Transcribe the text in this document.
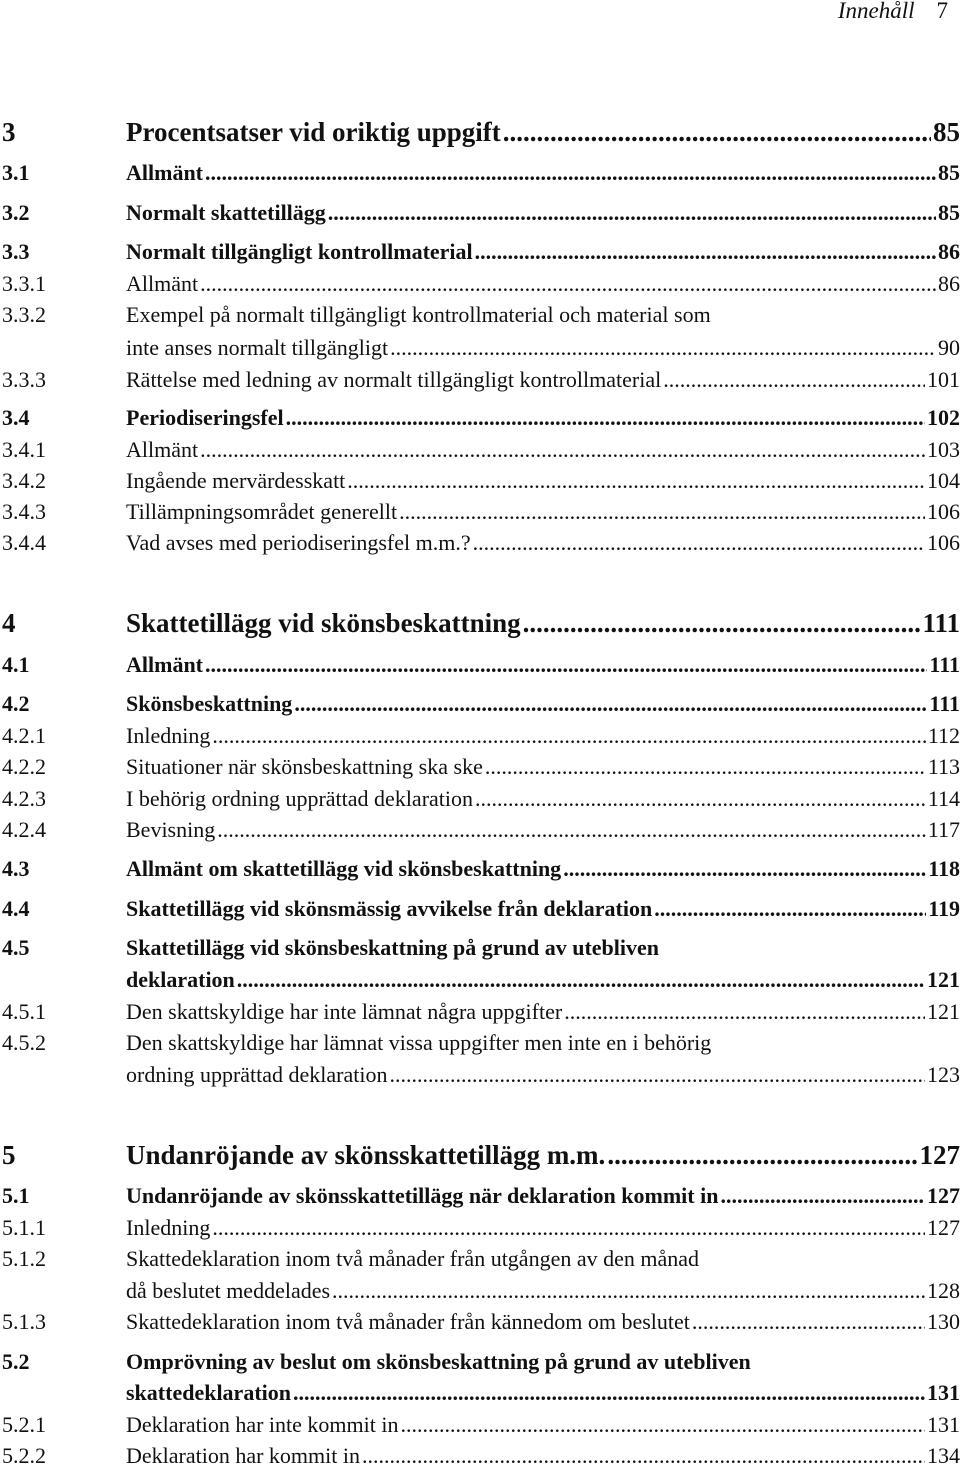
Innehåll 7
3	Procentsatser vid oriktig uppgift .....	85
3.1	Allmänt .....	85
3.2	Normalt skattetillägg .....	85
3.3	Normalt tillgängligt kontrollmaterial .....	86
3.3.1	Allmänt .....	86
3.3.2	Exempel på normalt tillgängligt kontrollmaterial och material som
inte anses normalt tillgängligt .....	90
3.3.3	Rättelse med ledning av normalt tillgängligt kontrollmaterial .....	101
3.4	Periodiseringsfel .....	102
3.4.1	Allmänt .....	103
3.4.2	Ingående mervärdesskatt .....	104
3.4.3	Tillämpningsområdet generellt .....	106
3.4.4	Vad avses med periodiseringsfel m.m.? .....	106
4	Skattetillägg vid skönsbeskattning .....	111
4.1	Allmänt .....	111
4.2	Skönsbeskattning .....	111
4.2.1	Inledning .....	112
4.2.2	Situationer när skönsbeskattning ska ske .....	113
4.2.3	I behörig ordning upprättad deklaration .....	114
4.2.4	Bevisning .....	117
4.3	Allmänt om skattetillägg vid skönsbeskattning .....	118
4.4	Skattetillägg vid skönsmässig avvikelse från deklaration .....	119
4.5	Skattetillägg vid skönsbeskattning på grund av utebliven
deklaration .....	121
4.5.1	Den skattskyldige har inte lämnat några uppgifter .....	121
4.5.2	Den skattskyldige har lämnat vissa uppgifter men inte en i behörig
ordning upprättad deklaration .....	123
5	Undanröjande av skönsskattetillägg m.m. .....	127
5.1	Undanröjande av skönsskattetillägg när deklaration kommit in .....	127
5.1.1	Inledning .....	127
5.1.2	Skattedeklaration inom två månader från utgången av den månad
då beslutet meddelades .....	128
5.1.3	Skattedeklaration inom två månader från kännedom om beslutet .....	130
5.2	Omprövning av beslut om skönsbeskattning på grund av utebliven
skattedeklaration .....	131
5.2.1	Deklaration har inte kommit in .....	131
5.2.2	Deklaration har kommit in .....	134
